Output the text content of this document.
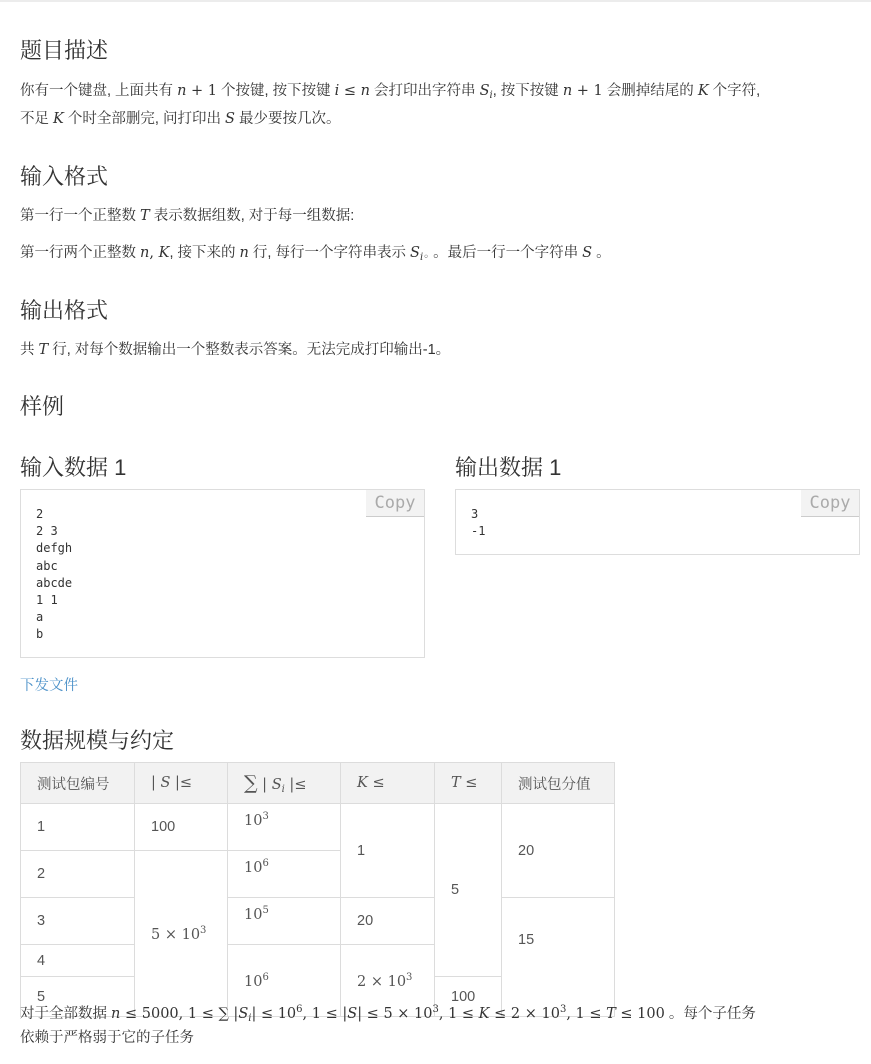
题目描述
你有一个键盘, 上面共有 n + 1 个按键, 按下按键 i ≤ n 会打印出字符串 $S_i$, 按下按键 n + 1 会删掉结尾的 K 个字符,
不足 K 个时全部删完, 问打印出 S 最少要按几次。
输入格式
第一行一个正整数 T 表示数据组数, 对于每一组数据:
第一行两个正整数 n, K, 接下来的 n 行, 每行一个字符串表示 $S_{i◦}$ 。最后一行一个字符串 S 。
输出格式
共 T 行, 对每个数据输出一个整数表示答案。无法完成打印输出-1。
样例
输入数据 1	输出数据 1
Copy
2
2 3
defgh
abc
abcde
1 1
a
b
Copy
3
-1
下发文件
数据规模与约定
测试包编号	| S |≤	∑ | $S_i$ |≤	K ≤	T ≤	测试包分值
1	100	$10^3$	1	5	20
2	$5 \times 10^3$	$10^6$
3		$10^5$	20		15
4		$10^6$	$2 \times 10^3$
5				100	
对于全部数据 n ≤ 5000, 1 ≤ ∑ $|S_i| \le 10^6$, $1 \le |S| \le 5 \times 10^3$, $1 \le K \le 2 \times 10^3$, 1 ≤ T ≤ 100 。每个子任务
依赖于严格弱于它的子任务
